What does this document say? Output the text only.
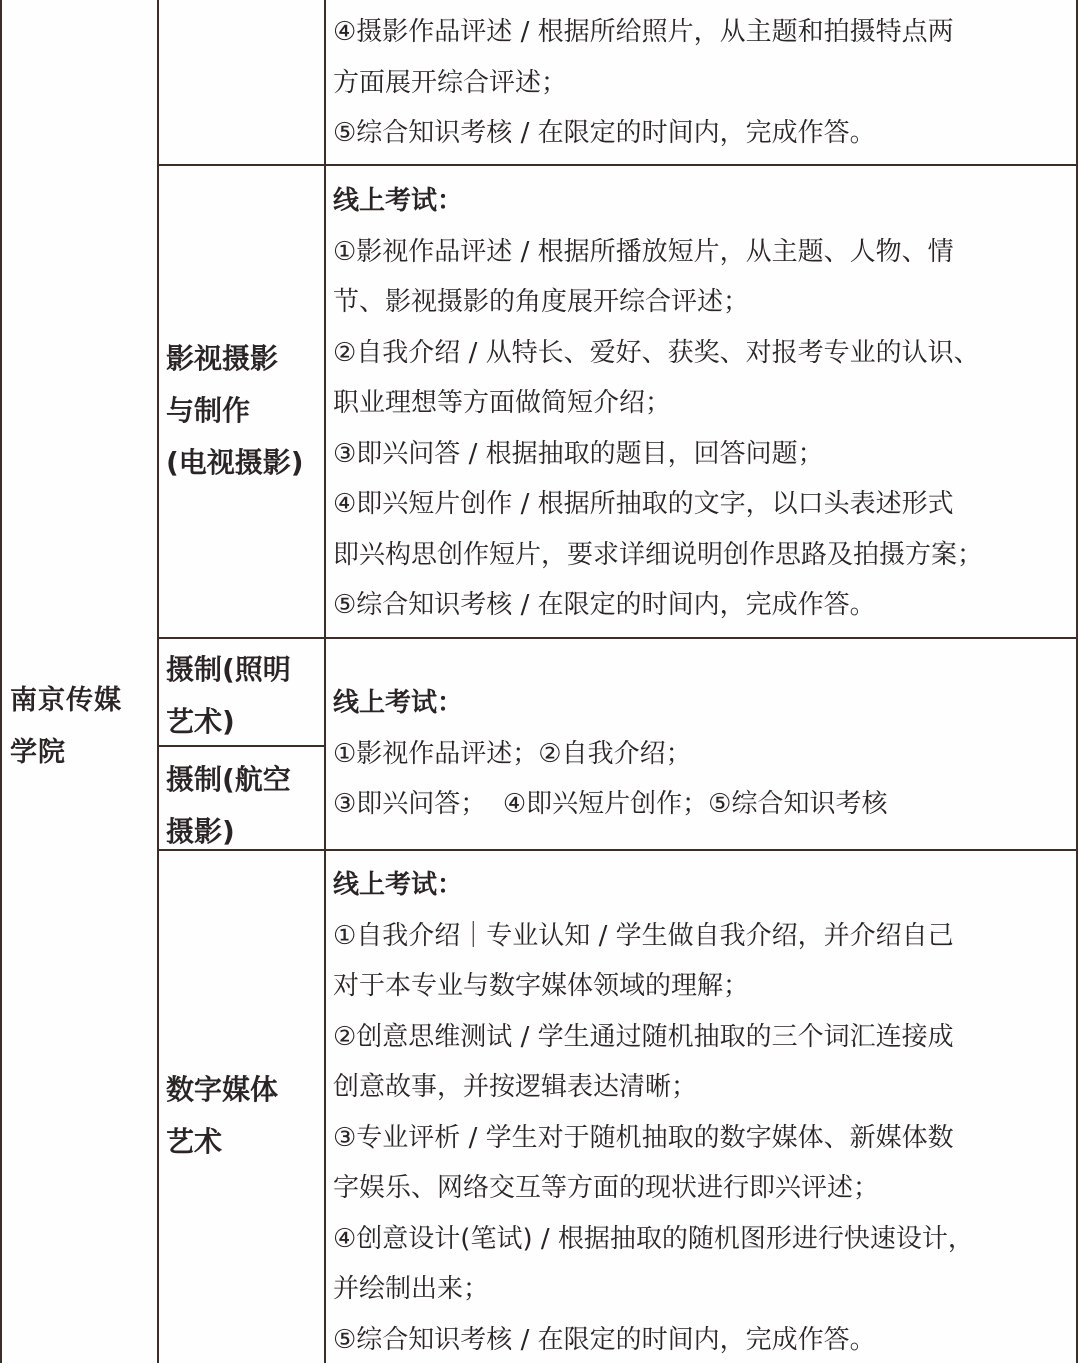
南京传媒
学院
④摄影作品评述 / 根据所给照片，从主题和拍摄特点两
方面展开综合评述；
⑤综合知识考核 / 在限定的时间内，完成作答。
影视摄影
与制作
(电视摄影)
线上考试：
①影视作品评述 / 根据所播放短片，从主题、人物、情
节、影视摄影的角度展开综合评述；
②自我介绍 / 从特长、爱好、获奖、对报考专业的认识、
职业理想等方面做简短介绍；
③即兴问答 / 根据抽取的题目，回答问题；
④即兴短片创作 / 根据所抽取的文字，以口头表述形式
即兴构思创作短片，要求详细说明创作思路及拍摄方案；
⑤综合知识考核 / 在限定的时间内，完成作答。
摄制(照明
艺术)
摄制(航空
摄影)
线上考试：
①影视作品评述；②自我介绍；
③即兴问答；  ④即兴短片创作；⑤综合知识考核
数字媒体
艺术
线上考试：
①自我介绍｜专业认知 / 学生做自我介绍，并介绍自己
对于本专业与数字媒体领域的理解；
②创意思维测试 / 学生通过随机抽取的三个词汇连接成
创意故事，并按逻辑表达清晰；
③专业评析 / 学生对于随机抽取的数字媒体、新媒体数
字娱乐、网络交互等方面的现状进行即兴评述；
④创意设计(笔试) / 根据抽取的随机图形进行快速设计，
并绘制出来；
⑤综合知识考核 / 在限定的时间内，完成作答。
